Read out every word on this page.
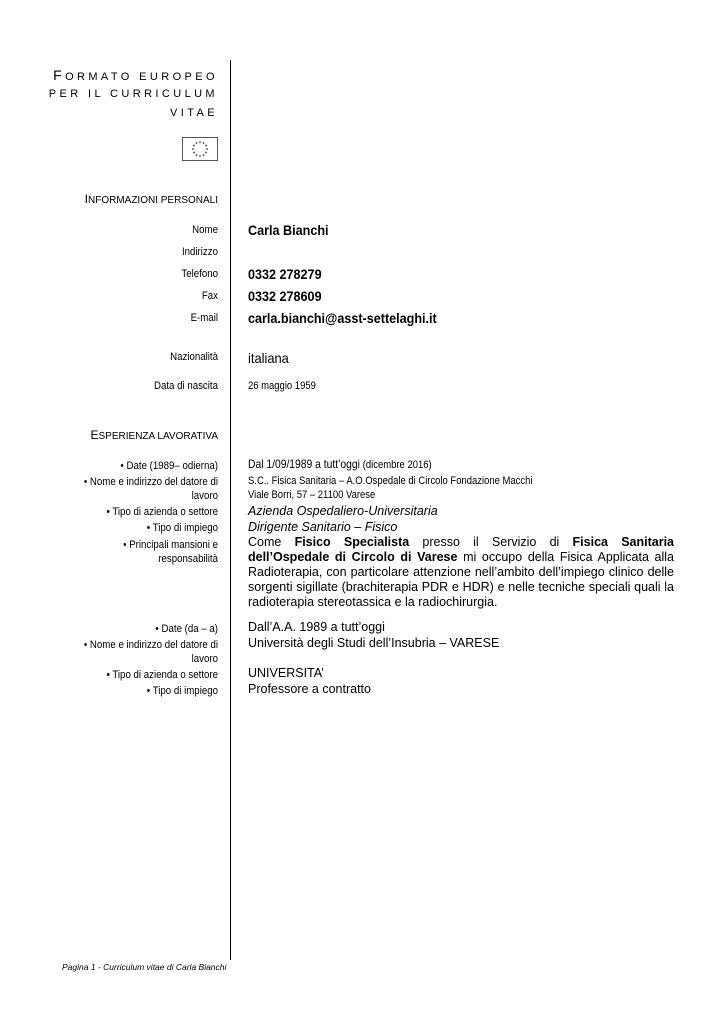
FORMATO EUROPEO
PER IL CURRICULUM
VITAE
INFORMAZIONI PERSONALI
Nome Carla Bianchi
Indirizzo
Telefono 0332 278279
Fax 0332 278609
E-mail carla.bianchi@asst-settelaghi.it
Nazionalità italiana
Data di nascita	26 maggio 1959
ESPERIENZA LAVORATIVA
• Date (1989– odierna)	Dal 1/09/1989 a tutt’oggi (dicembre 2016)
• Nome e indirizzo del datore di
lavoro
S.C.. Fisica Sanitaria – A.O.Ospedale di Circolo Fondazione Macchi
Viale Borri, 57 – 21100 Varese
• Tipo di azienda o settore Azienda Ospedaliero-Universitaria
• Tipo di impiego Dirigente Sanitario – Fisico
• Principali mansioni e responsabilità
Come Fisico Specialista presso il Servizio di Fisica Sanitaria dell’Ospedale di Circolo di Varese mi occupo della Fisica Applicata alla Radioterapia, con particolare attenzione nell’ambito dell’impiego clinico delle sorgenti sigillate (brachiterapia PDR e HDR) e nelle tecniche speciali quali la radioterapia stereotassica e la radiochirurgia.
• Date (da – a) Dall’A.A. 1989 a tutt’oggi
• Nome e indirizzo del datore di
lavoro
Università degli Studi dell’Insubria – VARESE
• Tipo di azienda o settore UNIVERSITA’
• Tipo di impiego Professore a contratto
Pagina 1 - Curriculum vitae di Carla Bianchi
